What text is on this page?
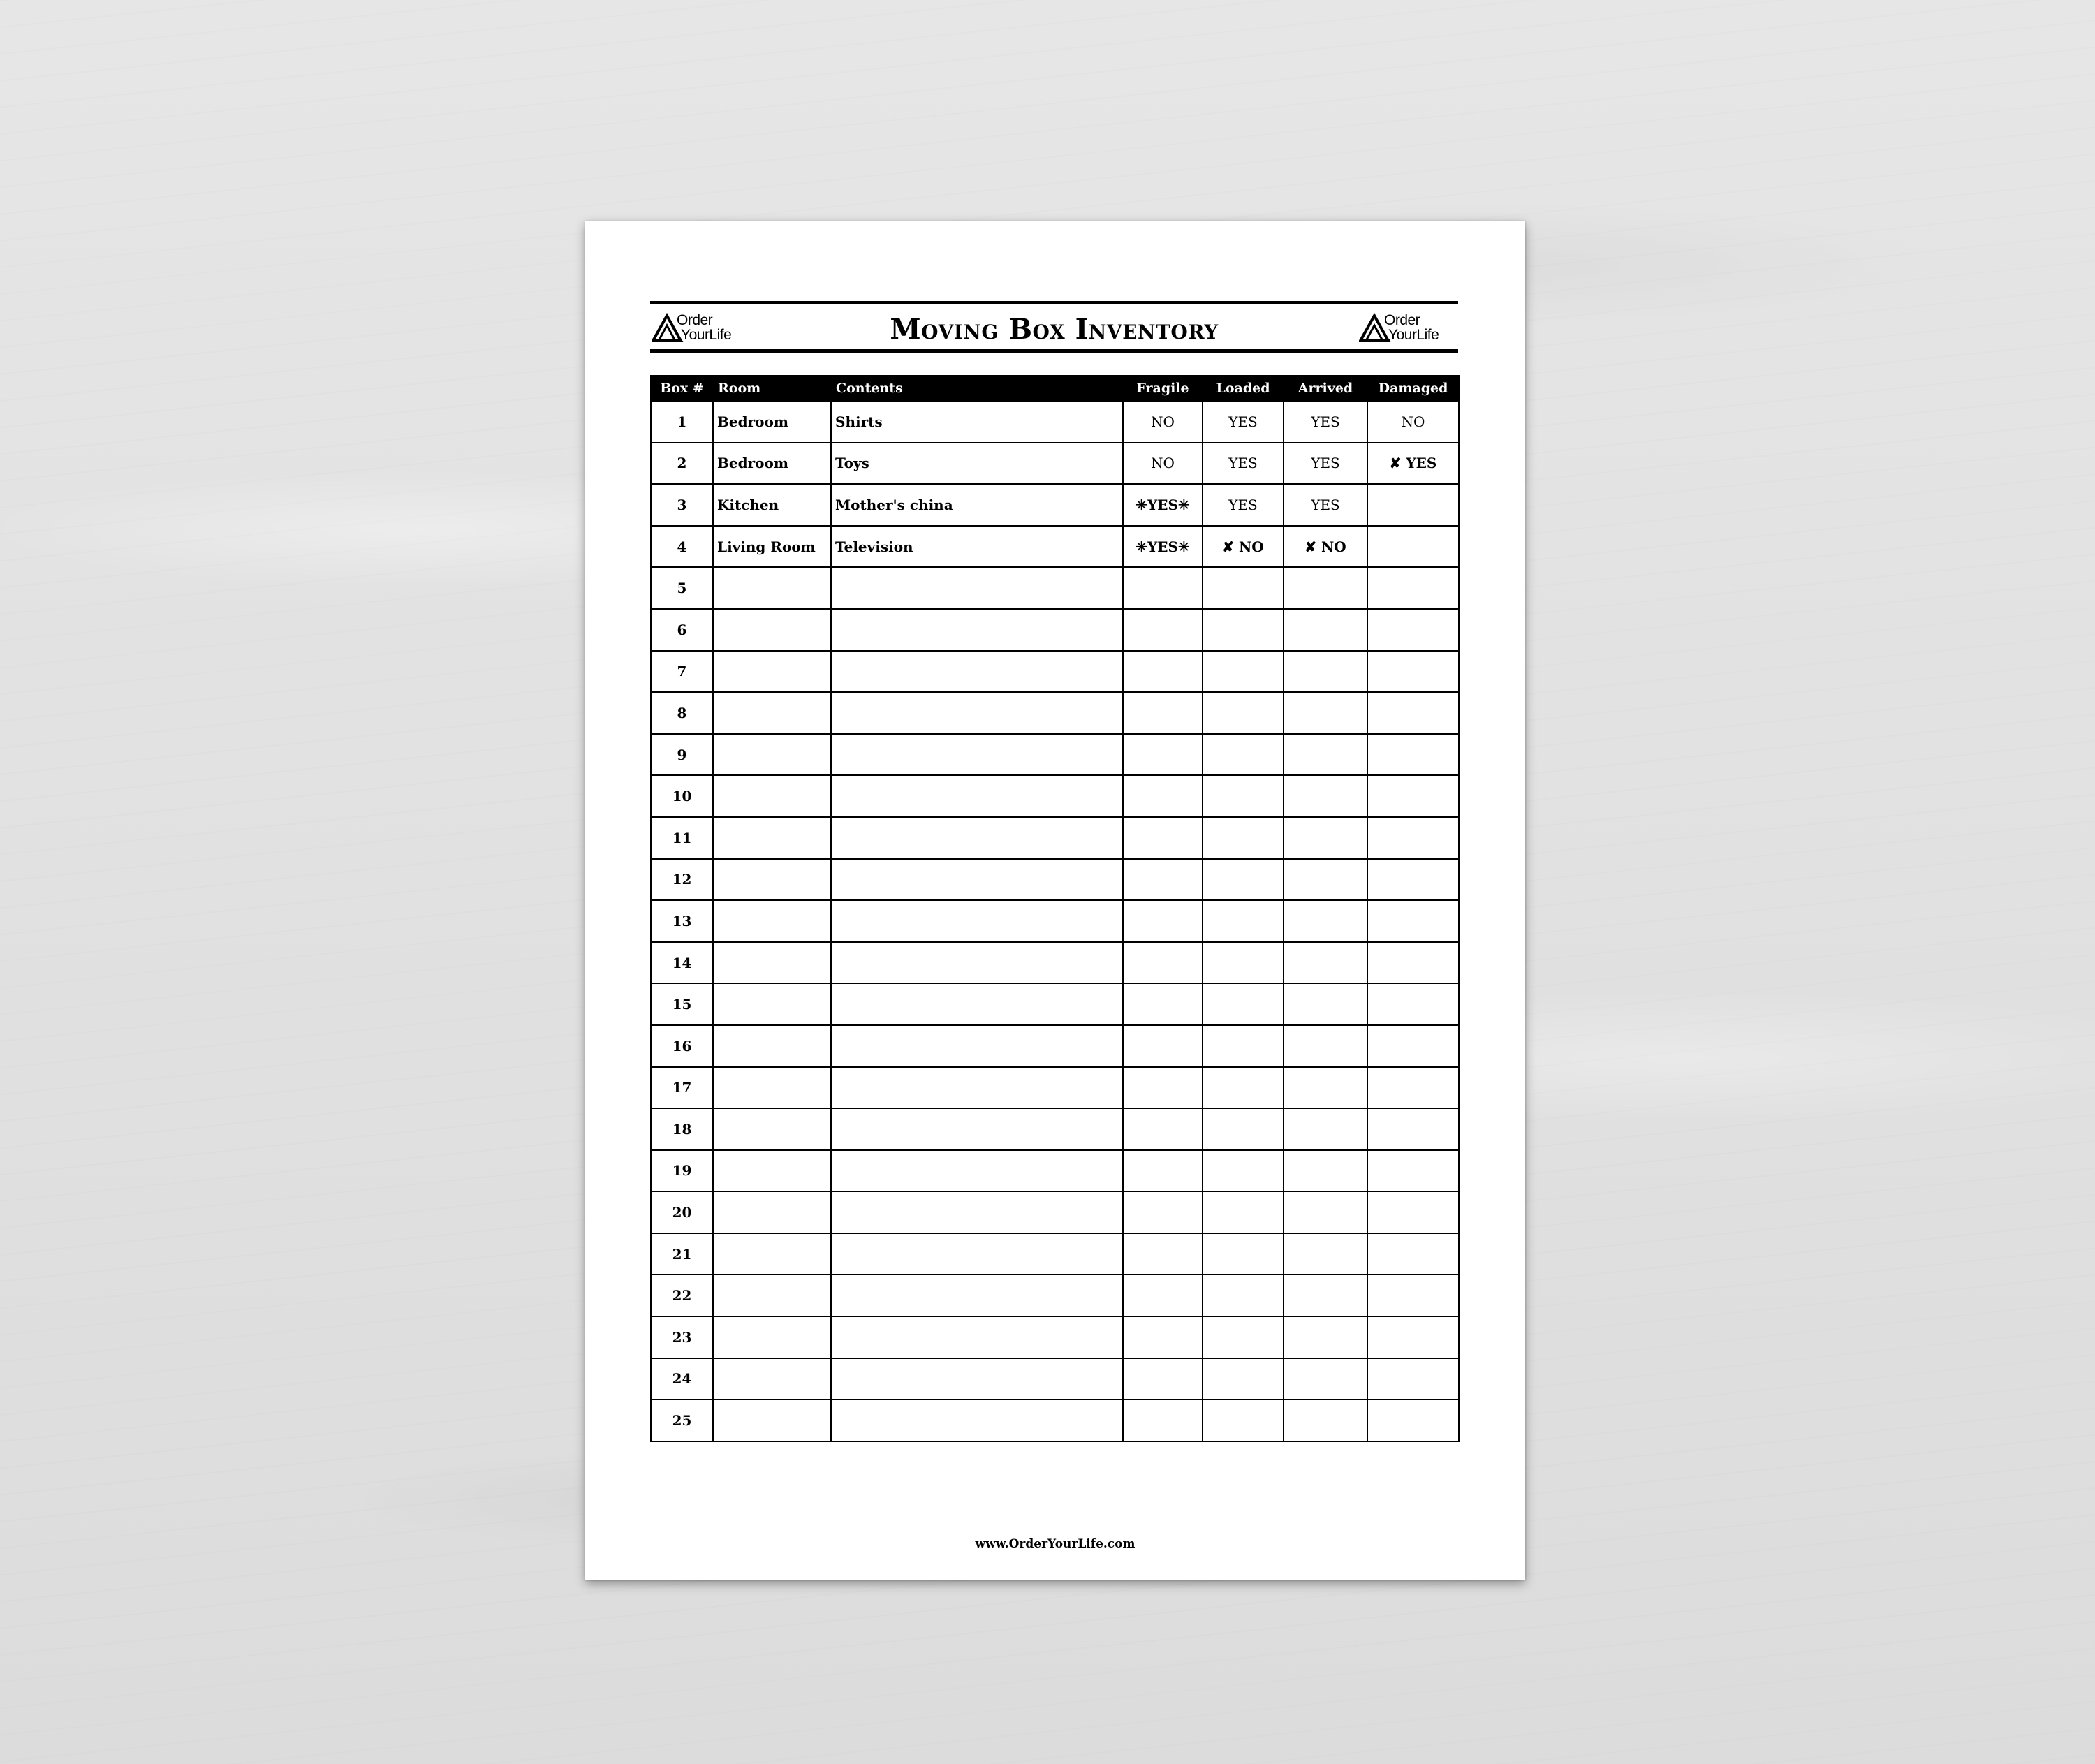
Order
YourLife	Moving Box Inventory	Order
YourLife
Box #	Room	Contents	Fragile	Loaded	Arrived	Damaged
1	Bedroom	Shirts	NO	YES	YES	NO
2	Bedroom	Toys	NO	YES	YES	✘ YES
3	Kitchen	Mother's china	✳YES✳	YES	YES	
4	Living Room	Television	✳YES✳	✘ NO	✘ NO	
5						
6						
7						
8						
9						
10						
11						
12						
13						
14						
15						
16						
17						
18						
19						
20						
21						
22						
23						
24						
25						
www.OrderYourLife.com
